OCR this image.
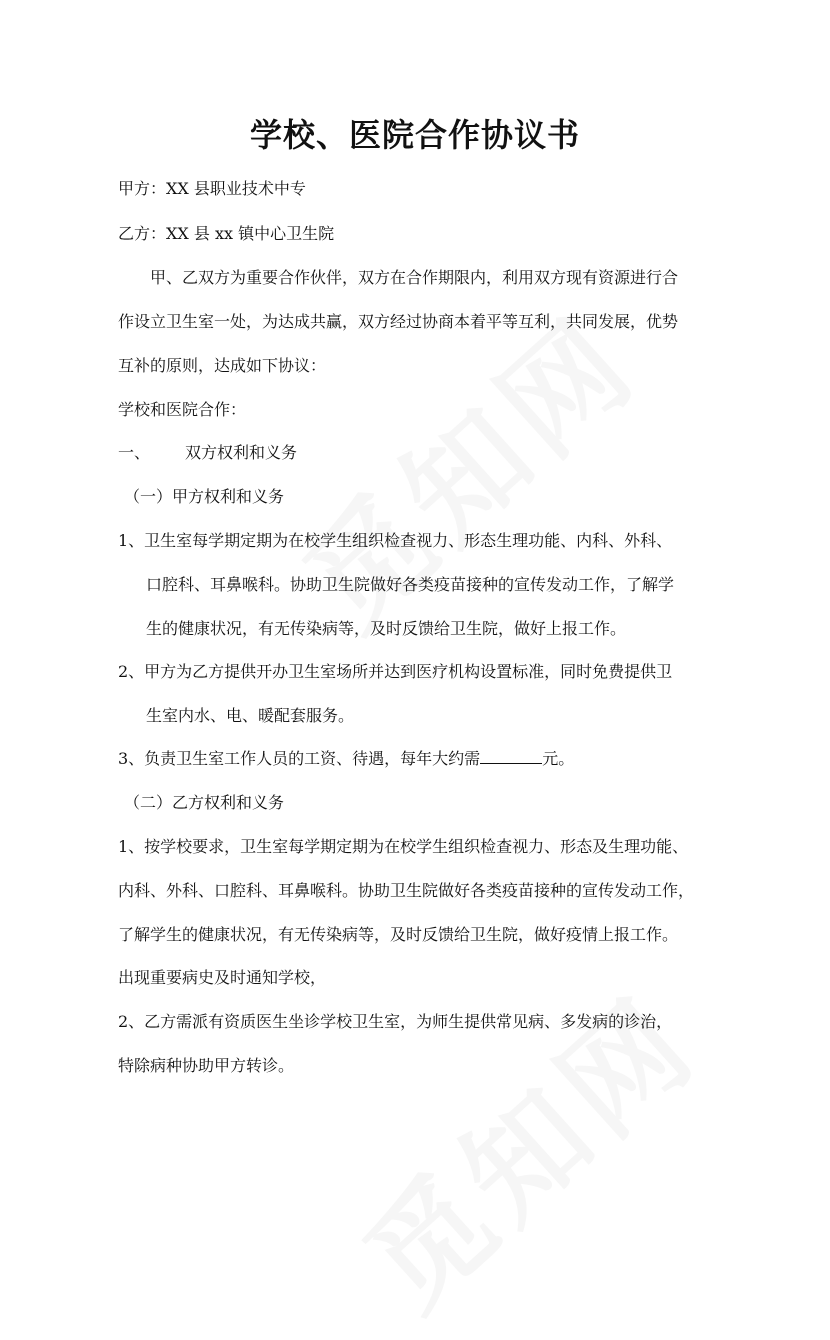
学校、医院合作协议书

甲方：XX 县职业技术中专

乙方：XX 县 xx 镇中心卫生院

甲、乙双方为重要合作伙伴，双方在合作期限内，利用双方现有资源进行合

作设立卫生室一处，为达成共赢，双方经过协商本着平等互利，共同发展，优势

互补的原则，达成如下协议：

学校和医院合作：

一、 双方权利和义务

（一）甲方权利和义务

1、卫生室每学期定期为在校学生组织检查视力、形态生理功能、内科、外科、

口腔科、耳鼻喉科。协助卫生院做好各类疫苗接种的宣传发动工作，了解学

生的健康状况，有无传染病等，及时反馈给卫生院，做好上报工作。

2、甲方为乙方提供开办卫生室场所并达到医疗机构设置标准，同时免费提供卫

生室内水、电、暖配套服务。

3、负责卫生室工作人员的工资、待遇，每年大约需	元。

（二）乙方权利和义务

1、按学校要求，卫生室每学期定期为在校学生组织检查视力、形态及生理功能、

内科、外科、口腔科、耳鼻喉科。协助卫生院做好各类疫苗接种的宣传发动工作，

了解学生的健康状况，有无传染病等，及时反馈给卫生院，做好疫情上报工作。

出现重要病史及时通知学校，

2、乙方需派有资质医生坐诊学校卫生室，为师生提供常见病、多发病的诊治，

特除病种协助甲方转诊。
